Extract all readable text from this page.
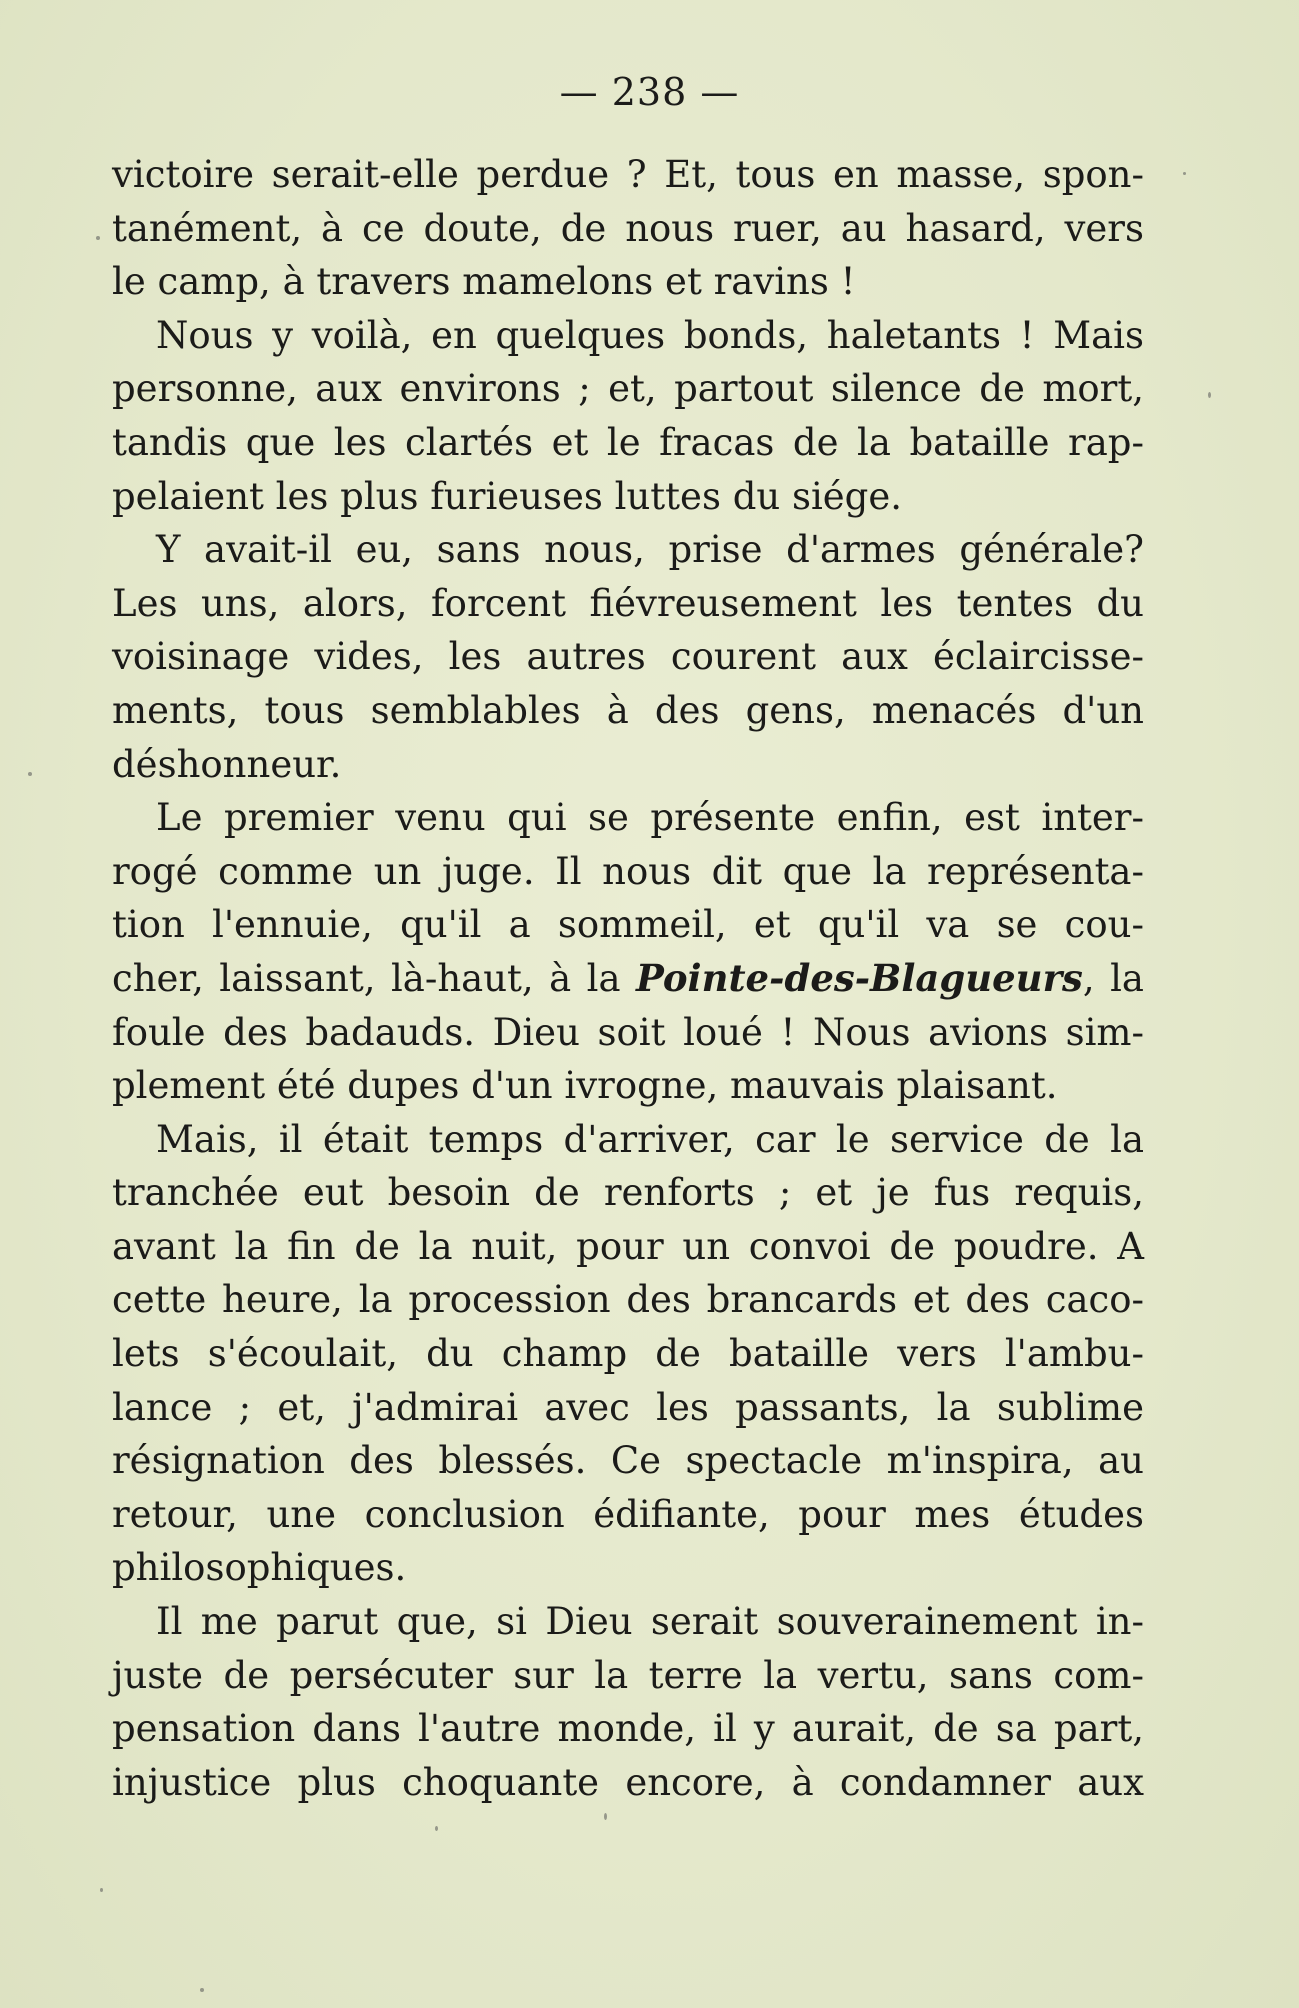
— 238 —
victoire serait-elle perdue ? Et, tous en masse, spon-
tanément, à ce doute, de nous ruer, au hasard, vers
le camp, à travers mamelons et ravins !
Nous y voilà, en quelques bonds, haletants ! Mais
personne, aux environs ; et, partout silence de mort,
tandis que les clartés et le fracas de la bataille rap-
pelaient les plus furieuses luttes du siége.
Y avait-il eu, sans nous, prise d'armes générale?
Les uns, alors, forcent fiévreusement les tentes du
voisinage vides, les autres courent aux éclaircisse-
ments, tous semblables à des gens, menacés d'un
déshonneur.
Le premier venu qui se présente enfin, est inter-
rogé comme un juge. Il nous dit que la représenta-
tion l'ennuie, qu'il a sommeil, et qu'il va se cou-
cher, laissant, là-haut, à la Pointe-des-Blagueurs, la
foule des badauds. Dieu soit loué ! Nous avions sim-
plement été dupes d'un ivrogne, mauvais plaisant.
Mais, il était temps d'arriver, car le service de la
tranchée eut besoin de renforts ; et je fus requis,
avant la fin de la nuit, pour un convoi de poudre. A
cette heure, la procession des brancards et des caco-
lets s'écoulait, du champ de bataille vers l'ambu-
lance ; et, j'admirai avec les passants, la sublime
résignation des blessés. Ce spectacle m'inspira, au
retour, une conclusion édifiante, pour mes études
philosophiques.
Il me parut que, si Dieu serait souverainement in-
juste de persécuter sur la terre la vertu, sans com-
pensation dans l'autre monde, il y aurait, de sa part,
injustice plus choquante encore, à condamner aux
